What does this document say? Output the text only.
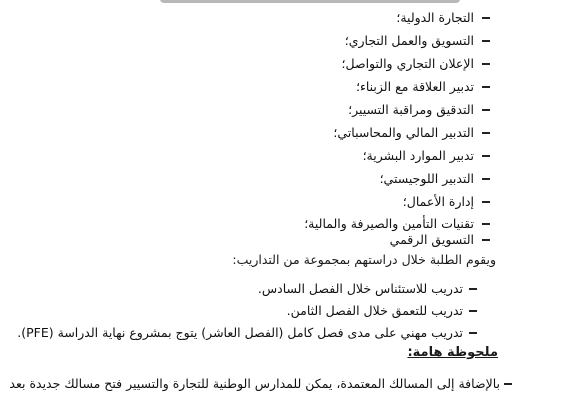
التجارة الدولية؛
التسويق والعمل التجاري؛
الإعلان التجاري والتواصل؛
تدبير العلاقة مع الزبناء؛
التدقيق ومراقبة التسيير؛
التدبير المالي والمحاسباتي؛
تدبير الموارد البشرية؛
التدبير اللوجيستي؛
إدارة الأعمال؛
تقنيات التأمين والصيرفة والمالية؛
التسويق الرقمي
ويقوم الطلبة خلال دراستهم بمجموعة من التداريب:
تدريب للاستئناس خلال الفصل السادس.
تدريب للتعمق خلال الفصل الثامن.
تدريب مهني على مدى فصل كامل (الفصل العاشر) يتوج بمشروع نهاية الدراسة (PFE).
ملحوظة هامة:
بالإضافة إلى المسالك المعتمدة، يمكن للمدارس الوطنية للتجارة والتسيير فتح مسالك جديدة بعد
